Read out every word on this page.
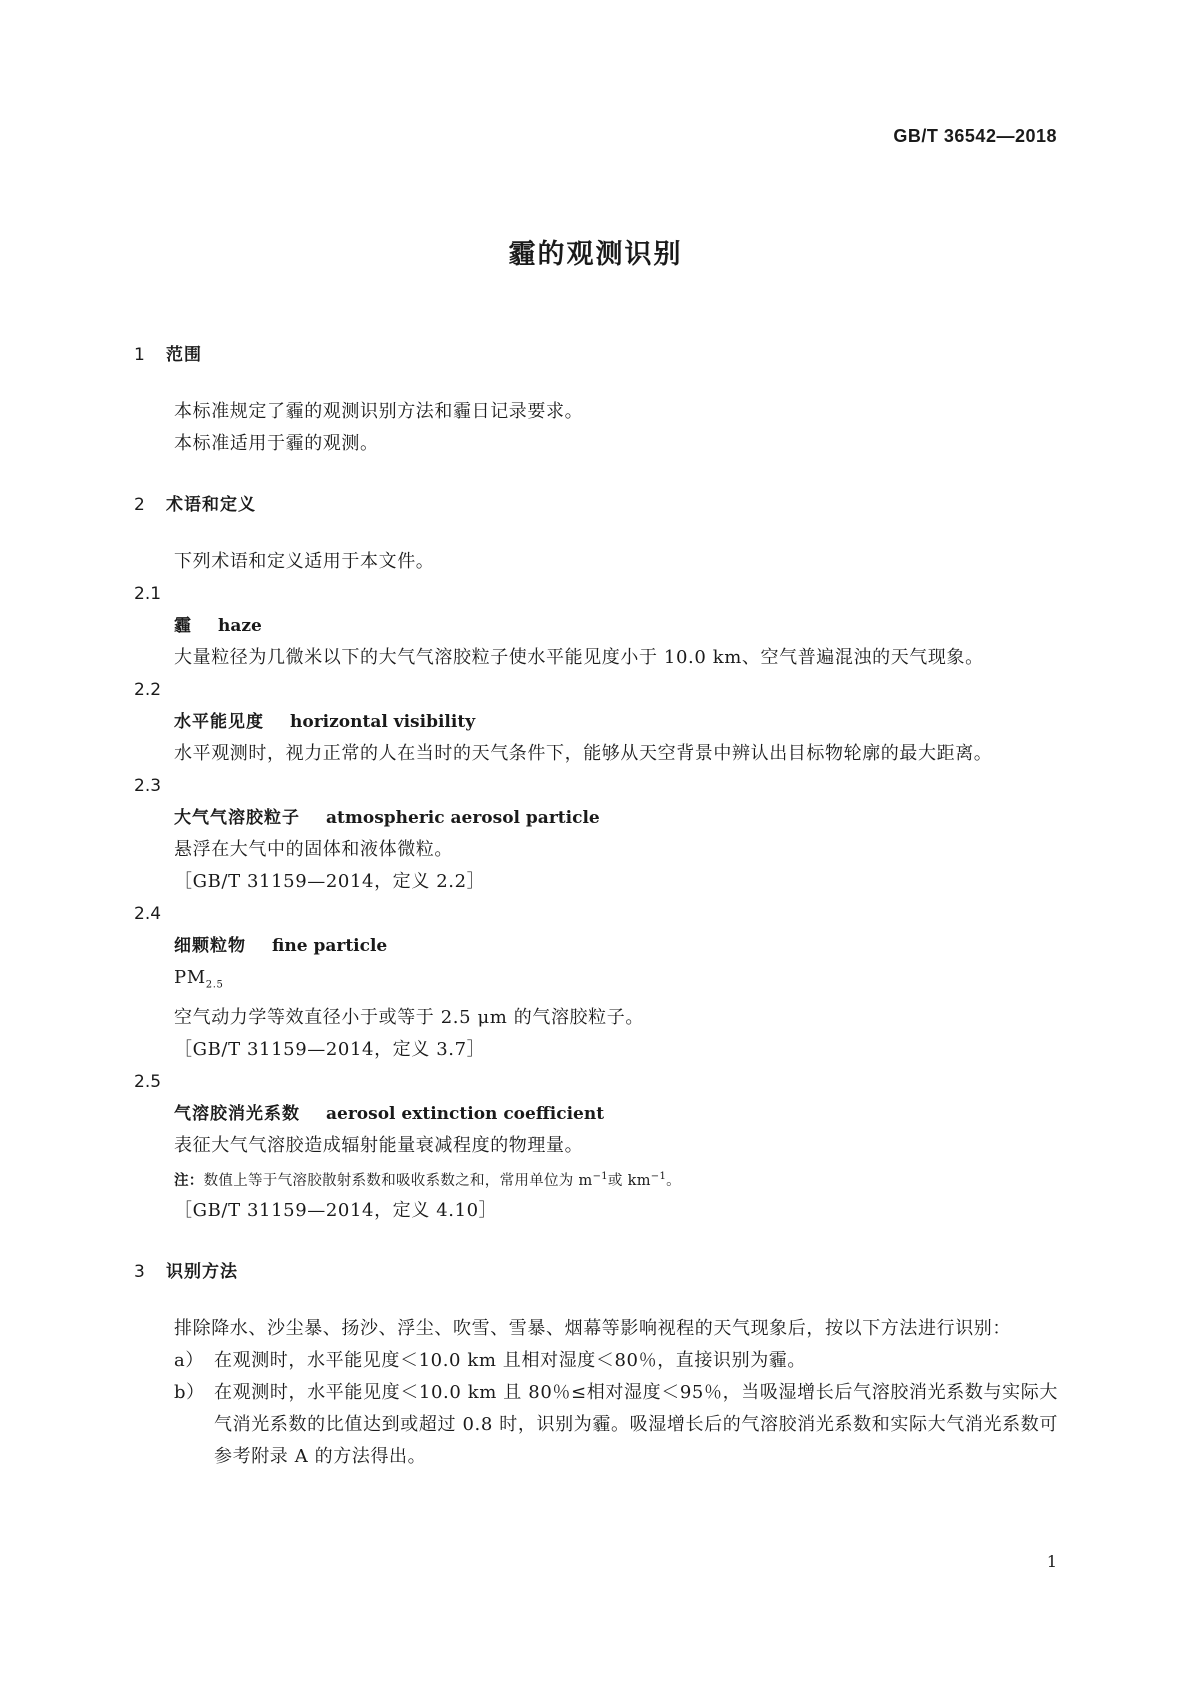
GB/T 36542—2018
霾的观测识别
1 范围
本标准规定了霾的观测识别方法和霾日记录要求。
本标准适用于霾的观测。
2 术语和定义
下列术语和定义适用于本文件。
2.1
霾 haze
大量粒径为几微米以下的大气气溶胶粒子使水平能见度小于 10.0 km、空气普遍混浊的天气现象。
2.2
水平能见度 horizontal visibility
水平观测时，视力正常的人在当时的天气条件下，能够从天空背景中辨认出目标物轮廓的最大距离。
2.3
大气气溶胶粒子 atmospheric aerosol particle
悬浮在大气中的固体和液体微粒。
［GB/T 31159—2014，定义 2.2］
2.4
细颗粒物 fine particle
$PM_{2.5}$
空气动力学等效直径小于或等于 2.5 μm 的气溶胶粒子。
［GB/T 31159—2014，定义 3.7］
2.5
气溶胶消光系数 aerosol extinction coefficient
表征大气气溶胶造成辐射能量衰减程度的物理量。
注：数值上等于气溶胶散射系数和吸收系数之和，常用单位为 $m^{-1}$或 $km^{-1}$。
［GB/T 31159—2014，定义 4.10］
3 识别方法
排除降水、沙尘暴、扬沙、浮尘、吹雪、雪暴、烟幕等影响视程的天气现象后，按以下方法进行识别：
a） 在观测时，水平能见度＜10.0 km 且相对湿度＜80％，直接识别为霾。
b） 在观测时，水平能见度＜10.0 km 且 80％≤相对湿度＜95％，当吸湿增长后气溶胶消光系数与实际大气消光系数的比值达到或超过 0.8 时，识别为霾。吸湿增长后的气溶胶消光系数和实际大气消光系数可参考附录 A 的方法得出。
1
